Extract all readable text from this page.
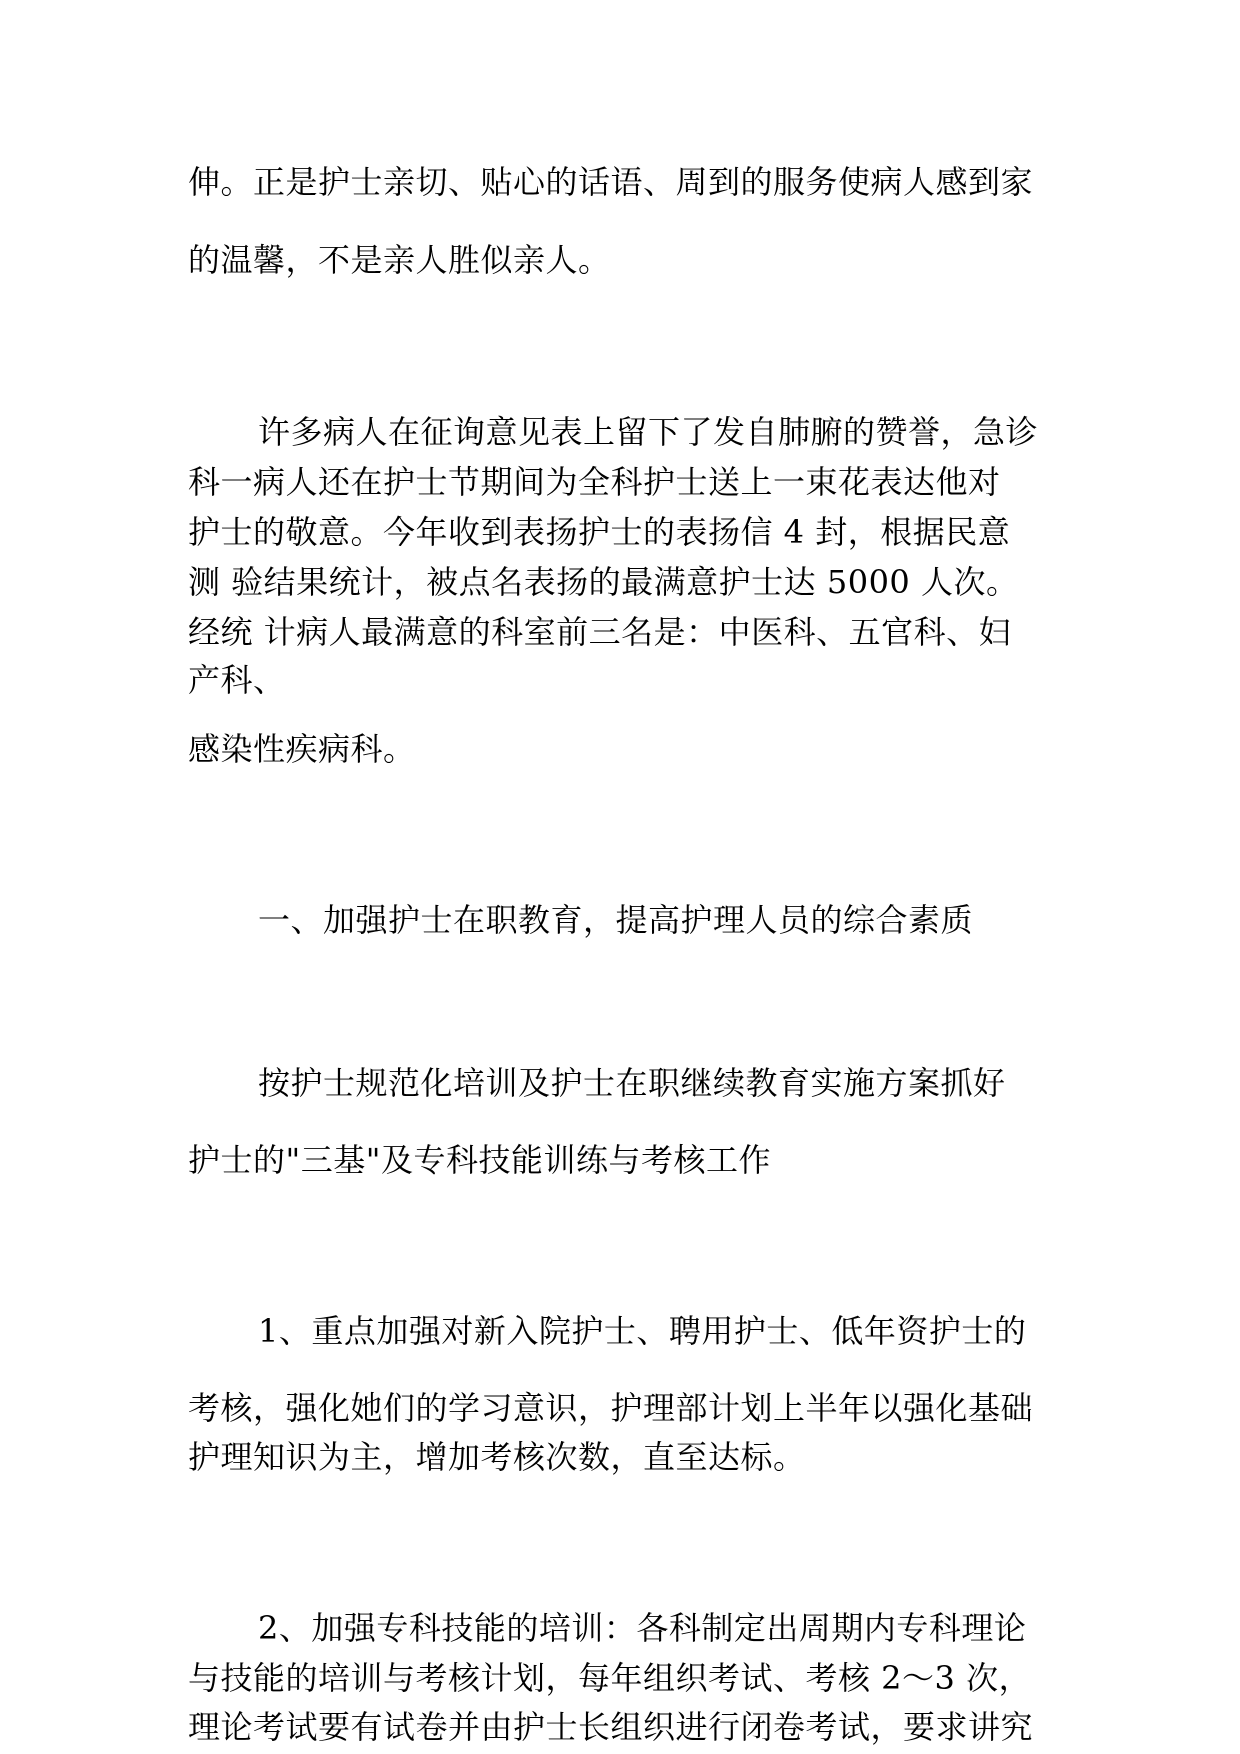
伸。正是护士亲切、贴心的话语、周到的服务使病人感到家
的温馨，不是亲人胜似亲人。
许多病人在征询意见表上留下了发自肺腑的赞誉，急诊
科一病人还在护士节期间为全科护士送上一束花表达他对
护士的敬意。今年收到表扬护士的表扬信 4 封，根据民意
测 验结果统计，被点名表扬的最满意护士达 5000 人次。
经统 计病人最满意的科室前三名是：中医科、五官科、妇
产科、
感染性疾病科。
一、加强护士在职教育，提高护理人员的综合素质
按护士规范化培训及护士在职继续教育实施方案抓好
护士的"三基"及专科技能训练与考核工作
1、重点加强对新入院护士、聘用护士、低年资护士的
考核，强化她们的学习意识，护理部计划上半年以强化基础
护理知识为主，增加考核次数，直至达标。
2、加强专科技能的培训：各科制定出周期内专科理论
与技能的培训与考核计划，每年组织考试、考核 2～3 次，
理论考试要有试卷并由护士长组织进行闭卷考试，要求讲究
